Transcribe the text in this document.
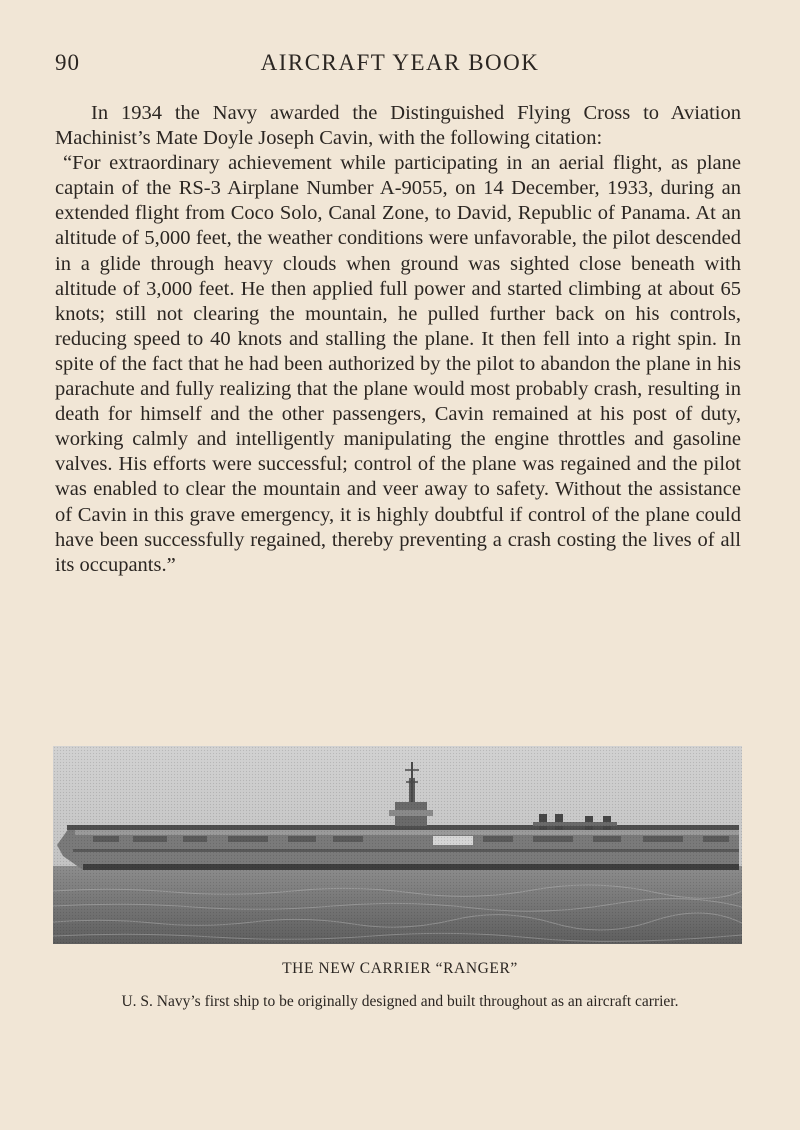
90	AIRCRAFT YEAR BOOK

In 1934 the Navy awarded the Distinguished Flying Cross to Aviation Machinist’s Mate Doyle Joseph Cavin, with the following citation:

“For extraordinary achievement while participating in an aerial flight, as plane captain of the RS-3 Airplane Number A-9055, on 14 December, 1933, during an extended flight from Coco Solo, Canal Zone, to David, Republic of Panama. At an altitude of 5,000 feet, the weather conditions were unfavorable, the pilot descended in a glide through heavy clouds when ground was sighted close beneath with altitude of 3,000 feet. He then applied full power and started climbing at about 65 knots; still not clearing the mountain, he pulled further back on his controls, reducing speed to 40 knots and stalling the plane. It then fell into a right spin. In spite of the fact that he had been authorized by the pilot to abandon the plane in his parachute and fully realizing that the plane would most probably crash, resulting in death for himself and the other passengers, Cavin remained at his post of duty, working calmly and intelligently manipulating the engine throttles and gasoline valves. His efforts were successful; control of the plane was regained and the pilot was enabled to clear the mountain and veer away to safety. Without the assistance of Cavin in this grave emergency, it is highly doubtful if control of the plane could have been successfully regained, thereby preventing a crash costing the lives of all its occupants.”

THE NEW CARRIER “RANGER”
U. S. Navy’s first ship to be originally designed and built throughout as an aircraft carrier.
